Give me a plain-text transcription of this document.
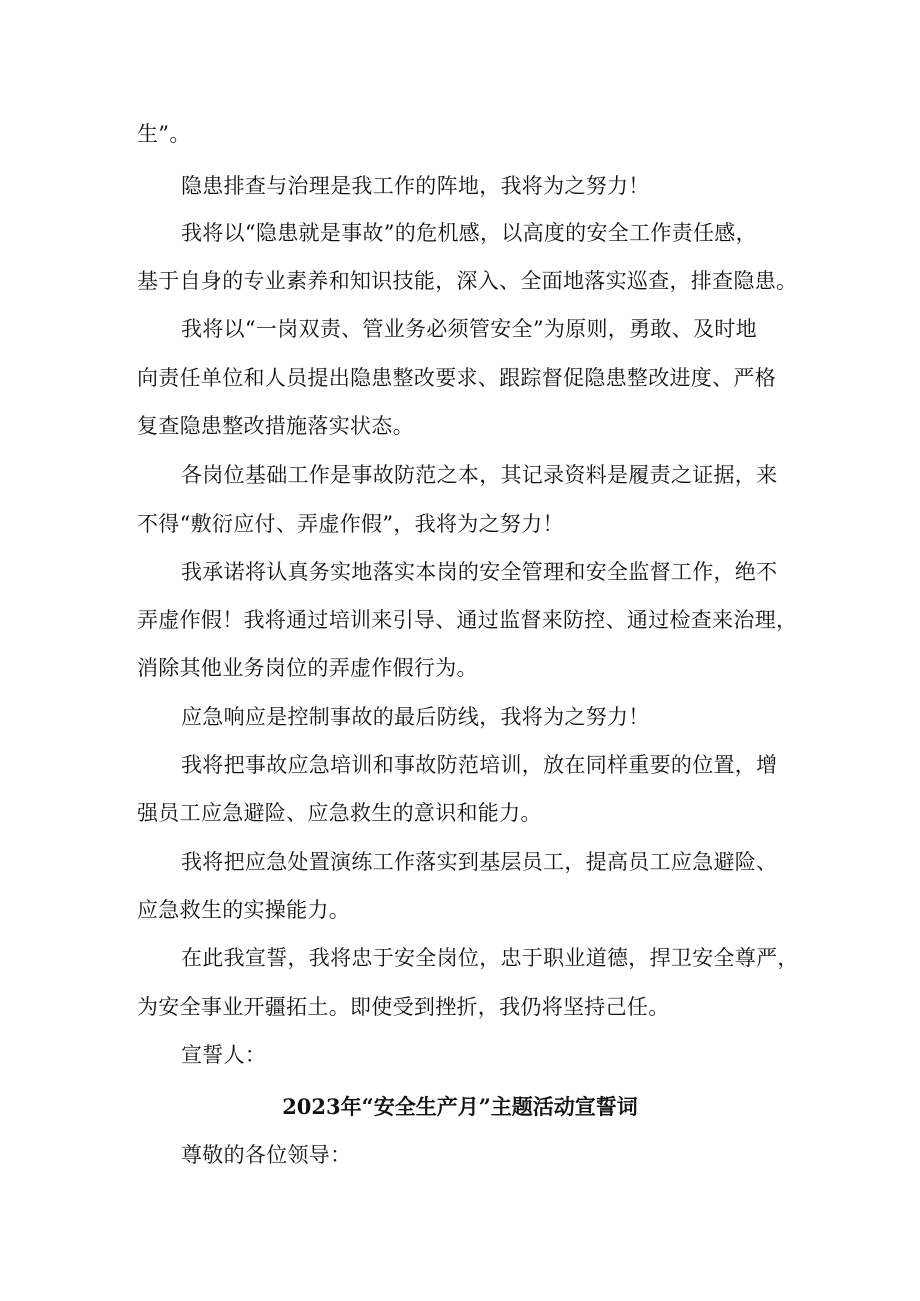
生”。
隐患排查与治理是我工作的阵地，我将为之努力！
我将以“隐患就是事故”的危机感，以高度的安全工作责任感，
基于自身的专业素养和知识技能，深入、全面地落实巡查，排查隐患。
我将以“一岗双责、管业务必须管安全”为原则，勇敢、及时地
向责任单位和人员提出隐患整改要求、跟踪督促隐患整改进度、严格
复查隐患整改措施落实状态。
各岗位基础工作是事故防范之本，其记录资料是履责之证据，来
不得“敷衍应付、弄虚作假”，我将为之努力！
我承诺将认真务实地落实本岗的安全管理和安全监督工作，绝不
弄虚作假！我将通过培训来引导、通过监督来防控、通过检查来治理，
消除其他业务岗位的弄虚作假行为。
应急响应是控制事故的最后防线，我将为之努力！
我将把事故应急培训和事故防范培训，放在同样重要的位置，增
强员工应急避险、应急救生的意识和能力。
我将把应急处置演练工作落实到基层员工，提高员工应急避险、
应急救生的实操能力。
在此我宣誓，我将忠于安全岗位，忠于职业道德，捍卫安全尊严，
为安全事业开疆拓土。即使受到挫折，我仍将坚持己任。
宣誓人：
2023年“安全生产月”主题活动宣誓词
尊敬的各位领导：
